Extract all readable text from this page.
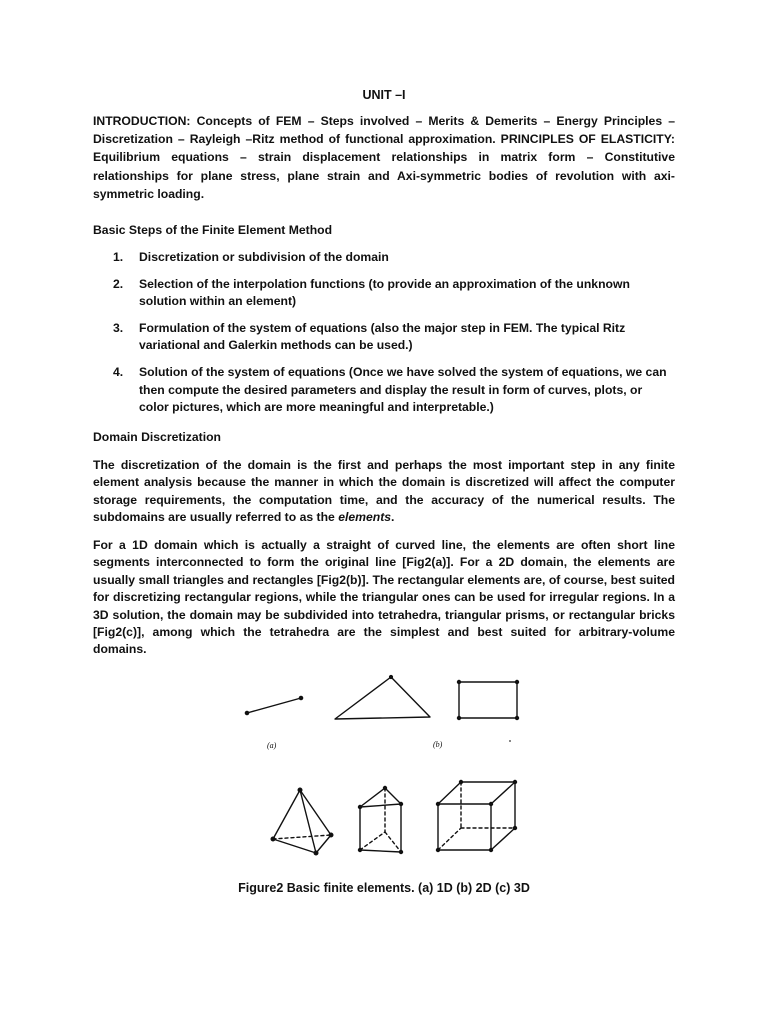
UNIT –I
INTRODUCTION: Concepts of FEM – Steps involved – Merits & Demerits – Energy Principles – Discretization – Rayleigh –Ritz method of functional approximation. PRINCIPLES OF ELASTICITY: Equilibrium equations – strain displacement relationships in matrix form – Constitutive relationships for plane stress, plane strain and Axi-symmetric bodies of revolution with axi-symmetric loading.
Basic Steps of the Finite Element Method
1.	Discretization or subdivision of the domain
2.	Selection of the interpolation functions (to provide an approximation of the unknown solution within an element)
3.	Formulation of the system of equations (also the major step in FEM. The typical Ritz variational and Galerkin methods can be used.)
4.	Solution of the system of equations (Once we have solved the system of equations, we can then compute the desired parameters and display the result in form of curves, plots, or color pictures, which are more meaningful and interpretable.)
Domain Discretization

The discretization of the domain is the first and perhaps the most important step in any finite element analysis because the manner in which the domain is discretized will affect the computer storage requirements, the computation time, and the accuracy of the numerical results. The subdomains are usually referred to as the elements.

For a 1D domain which is actually a straight of curved line, the elements are often short line segments interconnected to form the original line [Fig2(a)]. For a 2D domain, the elements are usually small triangles and rectangles [Fig2(b)]. The rectangular elements are, of course, best suited for discretizing rectangular regions, while the triangular ones can be used for irregular regions. In a 3D solution, the domain may be subdivided into tetrahedra, triangular prisms, or rectangular bricks [Fig2(c)], among which the tetrahedra are the simplest and best suited for arbitrary-volume domains.

(a)	(b)
Figure2 Basic finite elements. (a) 1D (b) 2D (c) 3D
